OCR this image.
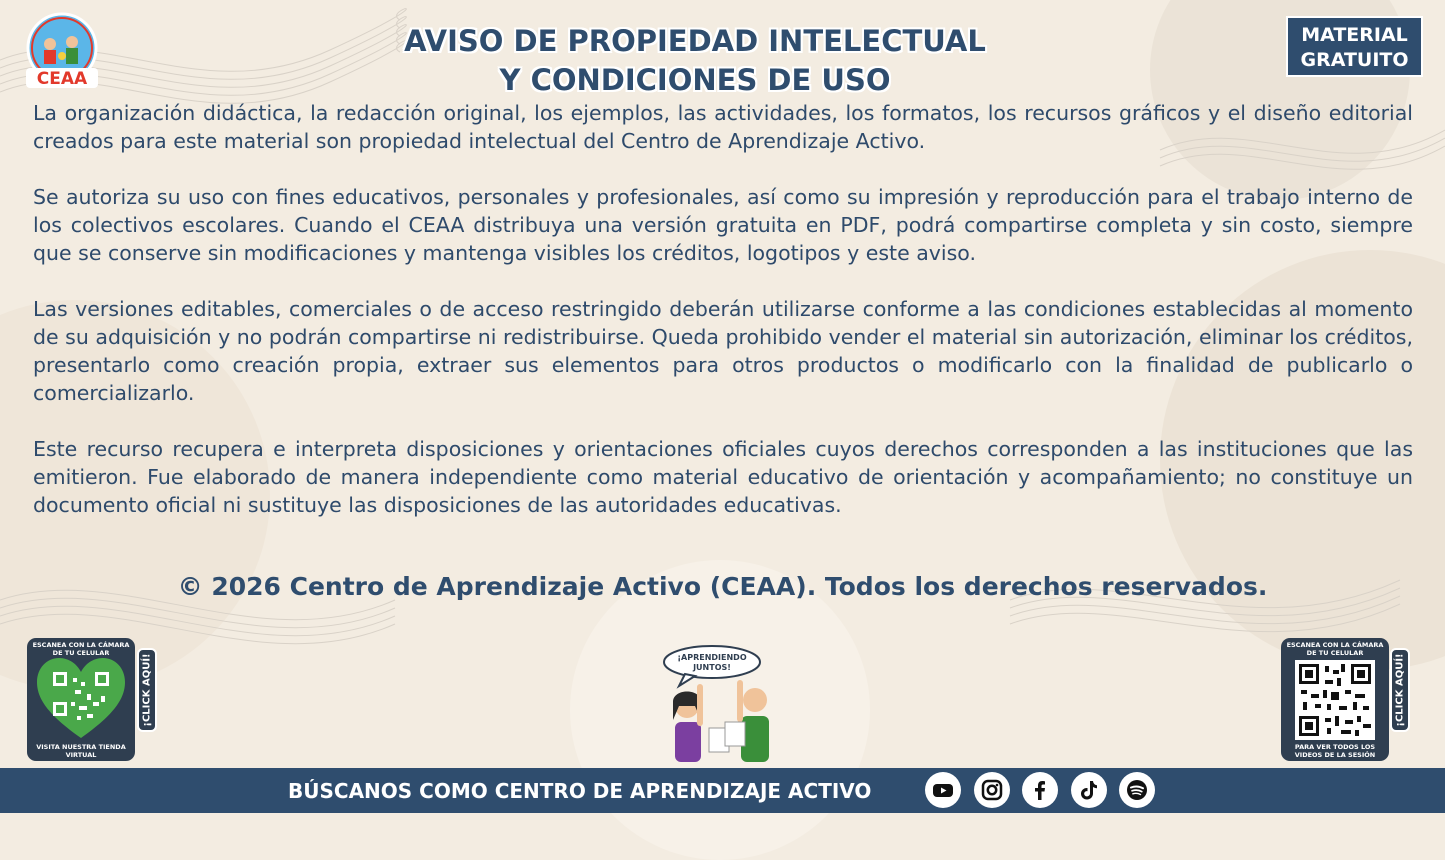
CEAA
MATERIAL
GRATUITO
AVISO DE PROPIEDAD INTELECTUAL
Y CONDICIONES DE USO

La organización didáctica, la redacción original, los ejemplos, las actividades, los formatos, los recursos gráficos y el diseño editorial creados para este material son propiedad intelectual del Centro de Aprendizaje Activo.

Se autoriza su uso con fines educativos, personales y profesionales, así como su impresión y reproducción para el trabajo interno de los colectivos escolares. Cuando el CEAA distribuya una versión gratuita en PDF, podrá compartirse completa y sin costo, siempre que se conserve sin modificaciones y mantenga visibles los créditos, logotipos y este aviso.

Las versiones editables, comerciales o de acceso restringido deberán utilizarse conforme a las condiciones establecidas al momento de su adquisición y no podrán compartirse ni redistribuirse. Queda prohibido vender el material sin autorización, eliminar los créditos, presentarlo como creación propia, extraer sus elementos para otros productos o modificarlo con la finalidad de publicarlo o comercializarlo.

Este recurso recupera e interpreta disposiciones y orientaciones oficiales cuyos derechos corresponden a las instituciones que las emitieron. Fue elaborado de manera independiente como material educativo de orientación y acompañamiento; no constituye un documento oficial ni sustituye las disposiciones de las autoridades educativas.

© 2026 Centro de Aprendizaje Activo (CEAA). Todos los derechos reservados.
ESCANEA CON LA CÁMARA DE TU CELULAR
VISITA NUESTRA TIENDA VIRTUAL
¡CLICK AQUÍ!
ESCANEA CON LA CÁMARA DE TU CELULAR
PARA VER TODOS LOS VIDEOS DE LA SESIÓN
¡CLICK AQUÍ!
¡APRENDIENDO
JUNTOS!
BÚSCANOS COMO CENTRO DE APRENDIZAJE ACTIVO
